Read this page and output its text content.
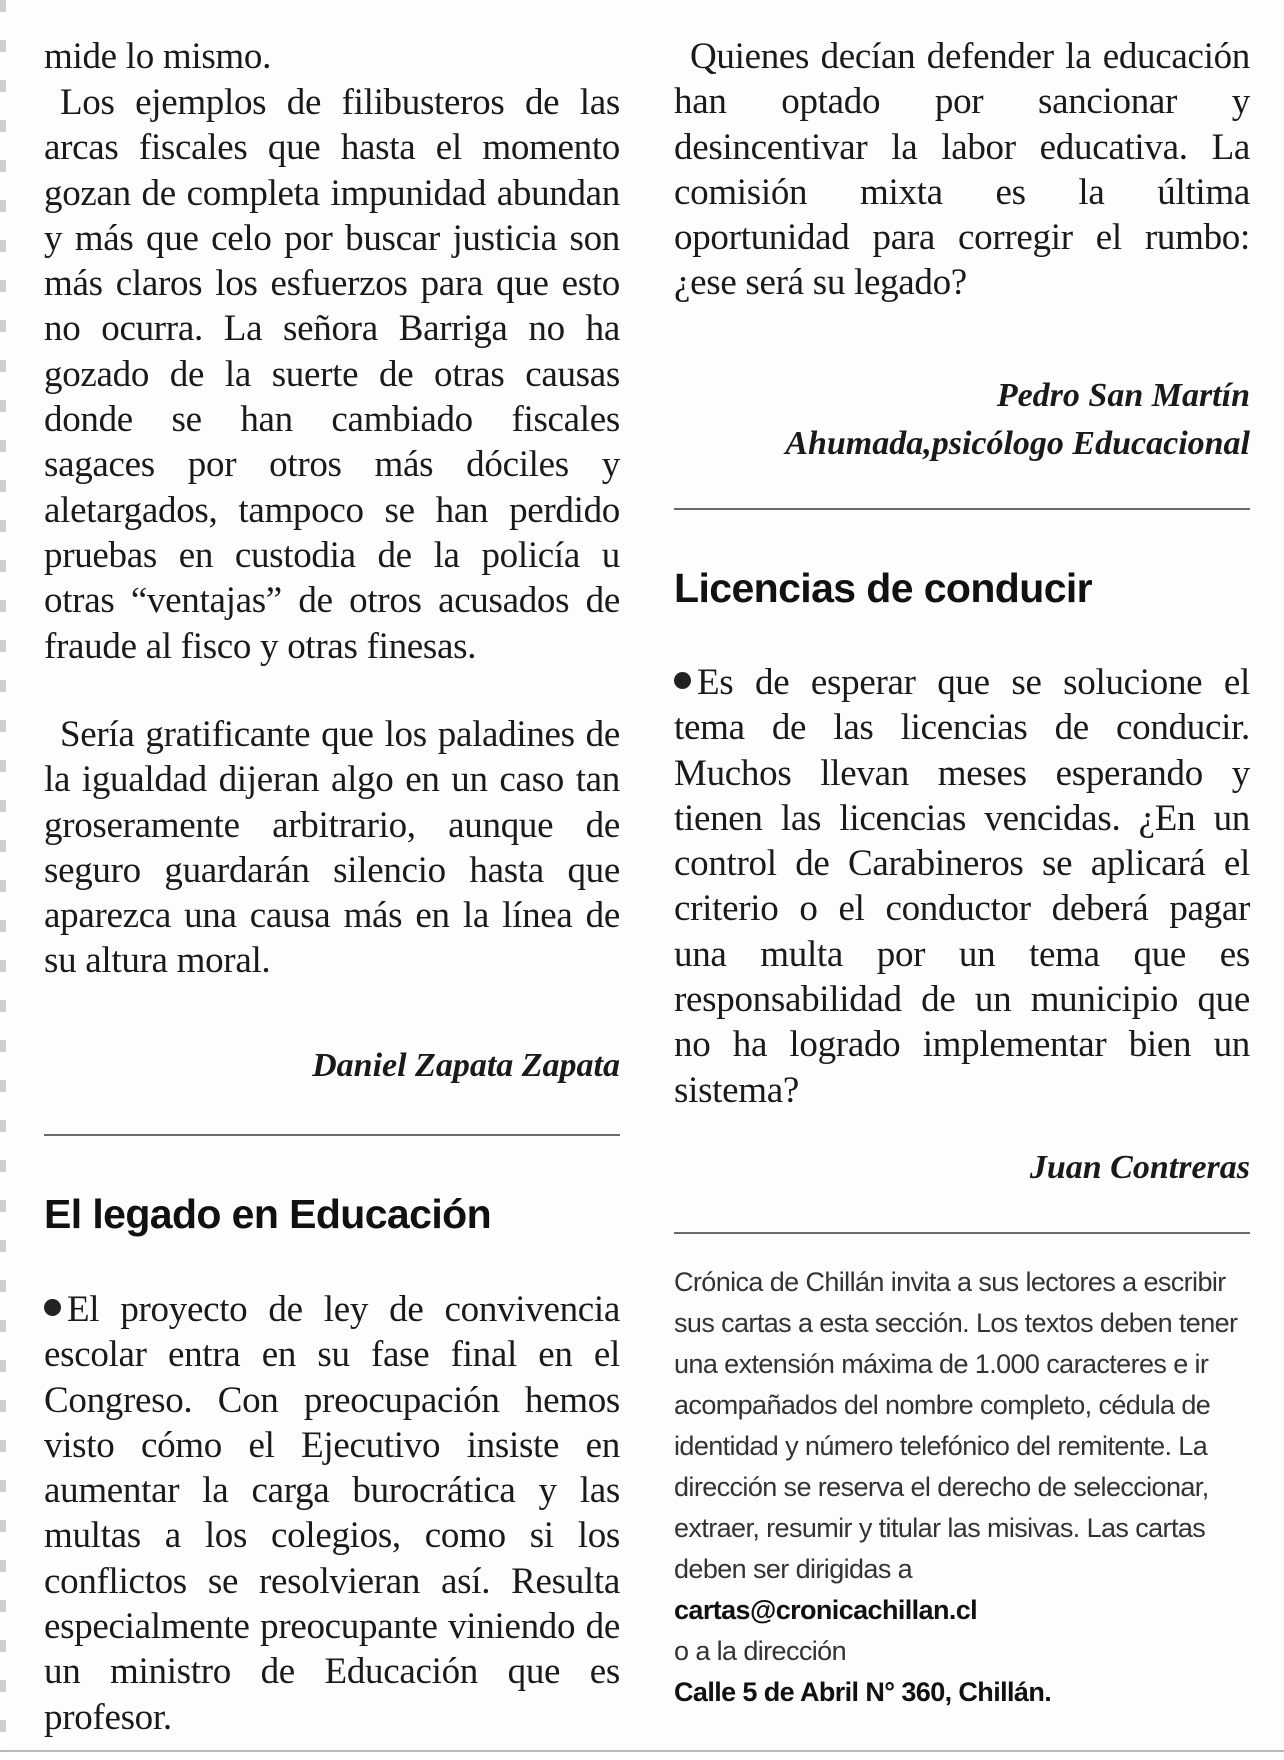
mide lo mismo.

Los ejemplos de filibusteros de las arcas fiscales que hasta el momento gozan de completa impunidad abundan y más que celo por buscar justicia son más claros los esfuerzos para que esto no ocurra. La señora Barriga no ha gozado de la suerte de otras causas donde se han cambiado fiscales sagaces por otros más dóciles y aletargados, tampoco se han perdido pruebas en custodia de la policía u otras “ventajas” de otros acusados de fraude al fisco y otras finesas.

Sería gratificante que los paladines de la igualdad dijeran algo en un caso tan groseramente arbitrario, aunque de seguro guardarán silencio hasta que aparezca una causa más en la línea de su altura moral.

Daniel Zapata Zapata

El legado en Educación

El proyecto de ley de convivencia escolar entra en su fase final en el Congreso. Con preocupación hemos visto cómo el Ejecutivo insiste en aumentar la carga burocrática y las multas a los colegios, como si los conflictos se resolvieran así. Resulta especialmente preocupante viniendo de un ministro de Educación que es profesor.

Quienes decían defender la educación han optado por sancionar y desincentivar la labor educativa. La comisión mixta es la última oportunidad para corregir el rumbo: ¿ese será su legado?

Pedro San Martín

Ahumada,psicólogo Educacional

Licencias de conducir

Es de esperar que se solucione el tema de las licencias de conducir. Muchos llevan meses esperando y tienen las licencias vencidas. ¿En un control de Carabineros se aplicará el criterio o el conductor deberá pagar una multa por un tema que es responsabilidad de un municipio que no ha logrado implementar bien un sistema?

Juan Contreras

Crónica de Chillán invita a sus lectores a escribir sus cartas a esta sección. Los textos deben tener una extensión máxima de 1.000 caracteres e ir acompañados del nombre completo, cédula de identidad y número telefónico del remitente. La dirección se reserva el derecho de seleccionar, extraer, resumir y titular las misivas. Las cartas deben ser dirigidas a

cartas@cronicachillan.cl

o a la dirección

Calle 5 de Abril N° 360, Chillán.
